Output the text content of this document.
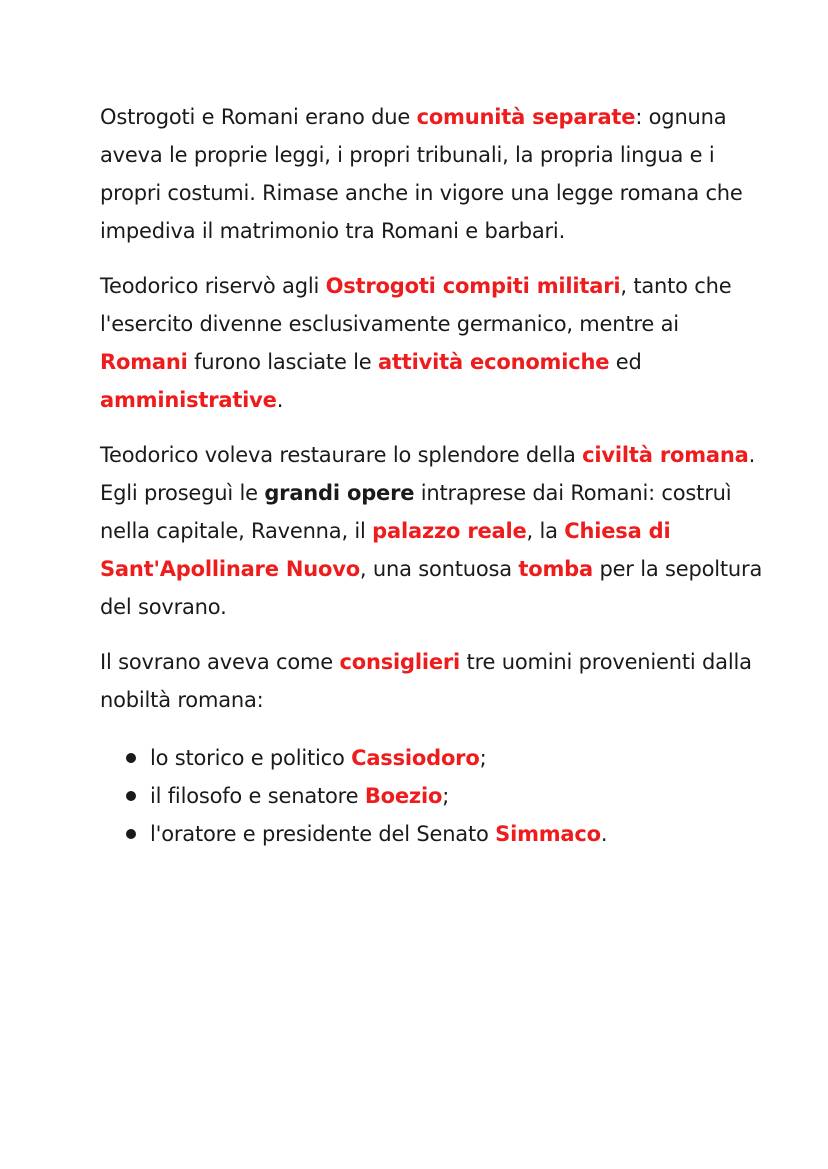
Ostrogoti e Romani erano due comunità separate: ognuna aveva le proprie leggi, i propri tribunali, la propria lingua e i propri costumi. Rimase anche in vigore una legge romana che impediva il matrimonio tra Romani e barbari.

Teodorico riservò agli Ostrogoti compiti militari, tanto che l'esercito divenne esclusivamente germanico, mentre ai Romani furono lasciate le attività economiche ed amministrative.

Teodorico voleva restaurare lo splendore della civiltà romana. Egli proseguì le grandi opere intraprese dai Romani: costruì nella capitale, Ravenna, il palazzo reale, la Chiesa di Sant'Apollinare Nuovo, una sontuosa tomba per la sepoltura del sovrano.

Il sovrano aveva come consiglieri tre uomini provenienti dalla nobiltà romana:

lo storico e politico Cassiodoro;
il filosofo e senatore Boezio;
l'oratore e presidente del Senato Simmaco.
